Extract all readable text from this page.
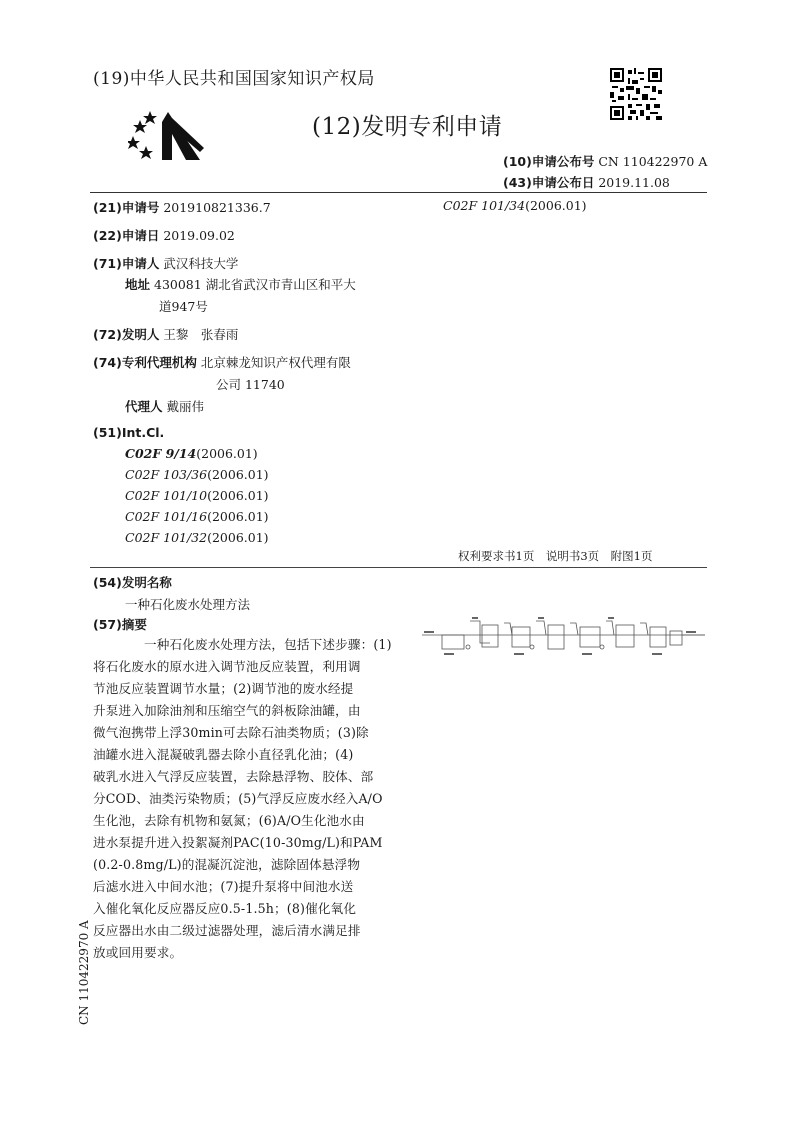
(19)中华人民共和国国家知识产权局
(12)发明专利申请
(10)申请公布号 CN 110422970 A
(43)申请公布日 2019.11.08
(21)申请号 201910821336.7	C02F 101/34(2006.01)
(22)申请日 2019.09.02
(71)申请人 武汉科技大学
地址 430081 湖北省武汉市青山区和平大
道947号
(72)发明人 王黎　张春雨
(74)专利代理机构 北京棘龙知识产权代理有限
公司 11740
代理人 戴丽伟
(51)Int.Cl.
C02F 9/14(2006.01)
C02F 103/36(2006.01)
C02F 101/10(2006.01)
C02F 101/16(2006.01)
C02F 101/32(2006.01)
权利要求书1页　说明书3页　附图1页
(54)发明名称
一种石化废水处理方法
(57)摘要
　　　　一种石化废水处理方法，包括下述步骤：(1)
将石化废水的原水进入调节池反应装置，利用调
节池反应装置调节水量；(2)调节池的废水经提
升泵进入加除油剂和压缩空气的斜板除油罐，由
微气泡携带上浮30min可去除石油类物质；(3)除
油罐水进入混凝破乳器去除小直径乳化油；(4)
破乳水进入气浮反应装置，去除悬浮物、胶体、部
分COD、油类污染物质；(5)气浮反应废水经入A/O
生化池，去除有机物和氨氮；(6)A/O生化池水由
进水泵提升进入投絮凝剂PAC(10-30mg/L)和PAM
(0.2-0.8mg/L)的混凝沉淀池，滤除固体悬浮物
后滤水进入中间水池；(7)提升泵将中间池水送
入催化氧化反应器反应0.5-1.5h；(8)催化氧化
反应器出水由二级过滤器处理，滤后清水满足排
放或回用要求。
CN 110422970 A
